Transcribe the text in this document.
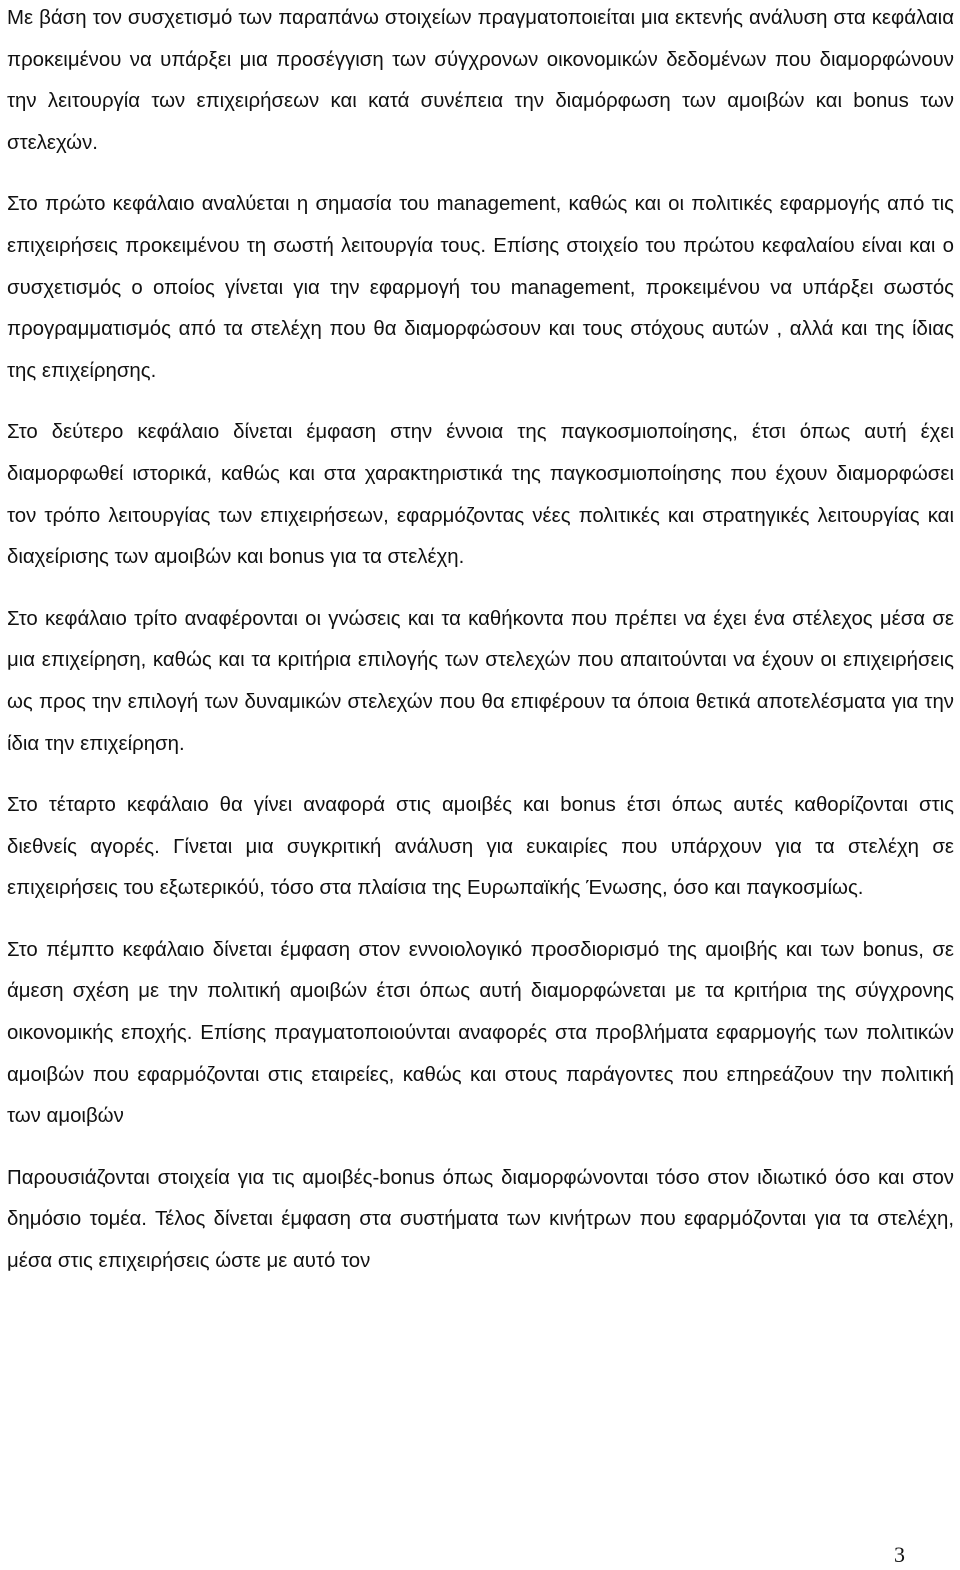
Με βάση τον συσχετισμό των παραπάνω στοιχείων πραγματοποιείται μια εκτενής ανάλυση στα κεφάλαια προκειμένου να υπάρξει μια προσέγγιση των σύγχρονων οικονομικών δεδομένων που διαμορφώνουν την λειτουργία των επιχειρήσεων και κατά συνέπεια την διαμόρφωση των αμοιβών και bonus των στελεχών.

Στο πρώτο κεφάλαιο αναλύεται η σημασία του management, καθώς και οι πολιτικές εφαρμογής από τις επιχειρήσεις προκειμένου τη σωστή λειτουργία τους. Επίσης στοιχείο του πρώτου κεφαλαίου είναι και ο συσχετισμός ο οποίος γίνεται για την εφαρμογή του management, προκειμένου να υπάρξει σωστός προγραμματισμός από τα στελέχη που θα διαμορφώσουν και τους στόχους αυτών , αλλά και της ίδιας της επιχείρησης.

Στο δεύτερο κεφάλαιο δίνεται έμφαση στην έννοια της παγκοσμιοποίησης, έτσι όπως αυτή έχει διαμορφωθεί ιστορικά, καθώς και στα χαρακτηριστικά της παγκοσμιοποίησης που έχουν διαμορφώσει τον τρόπο λειτουργίας των επιχειρήσεων, εφαρμόζοντας νέες πολιτικές και στρατηγικές λειτουργίας και διαχείρισης των αμοιβών και bonus για τα στελέχη.

Στο κεφάλαιο τρίτο αναφέρονται οι γνώσεις και τα καθήκοντα που πρέπει να έχει ένα στέλεχος μέσα σε μια επιχείρηση, καθώς και τα κριτήρια επιλογής των στελεχών που απαιτούνται να έχουν οι επιχειρήσεις ως προς την επιλογή των δυναμικών στελεχών που θα επιφέρουν τα όποια θετικά αποτελέσματα για την ίδια την επιχείρηση.

Στο τέταρτο κεφάλαιο θα γίνει αναφορά στις αμοιβές και bonus έτσι όπως αυτές καθορίζονται στις διεθνείς αγορές. Γίνεται μια συγκριτική ανάλυση για ευκαιρίες που υπάρχουν για τα στελέχη σε επιχειρήσεις του εξωτερικόύ, τόσο στα πλαίσια της Ευρωπαϊκής Ένωσης, όσο και παγκοσμίως.

Στο πέμπτο κεφάλαιο δίνεται έμφαση στον εννοιολογικό προσδιορισμό της αμοιβής και των bonus, σε άμεση σχέση με την πολιτική αμοιβών έτσι όπως αυτή διαμορφώνεται με τα κριτήρια της σύγχρονης οικονομικής εποχής. Επίσης πραγματοποιούνται αναφορές στα προβλήματα εφαρμογής των πολιτικών αμοιβών που εφαρμόζονται στις εταιρείες, καθώς και στους παράγοντες που επηρεάζουν την πολιτική των αμοιβών

Παρουσιάζονται στοιχεία για τις αμοιβές-bonus όπως διαμορφώνονται τόσο στον ιδιωτικό όσο και στον δημόσιο τομέα. Τέλος δίνεται έμφαση στα συστήματα των κινήτρων που εφαρμόζονται για τα στελέχη, μέσα στις επιχειρήσεις ώστε με αυτό τον

3
